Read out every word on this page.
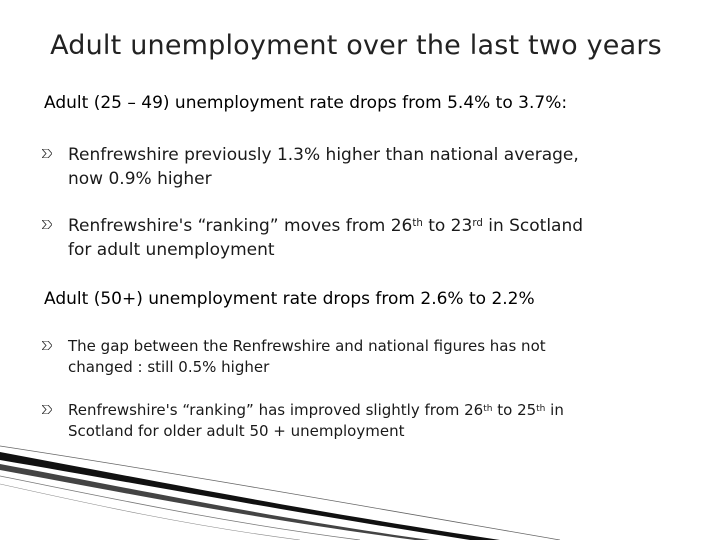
Adult unemployment over the last two years
Adult (25 – 49) unemployment rate drops from 5.4% to 3.7%:
Renfrewshire previously 1.3% higher than national average,
now 0.9% higher
Renfrewshire's “ranking” moves from 26th to 23rd in Scotland
for adult unemployment
Adult (50+) unemployment rate drops from 2.6% to 2.2%
The gap between the Renfrewshire and national figures has not
changed : still 0.5% higher
Renfrewshire's “ranking” has improved slightly from 26th to 25th in
Scotland for older adult 50 + unemployment
